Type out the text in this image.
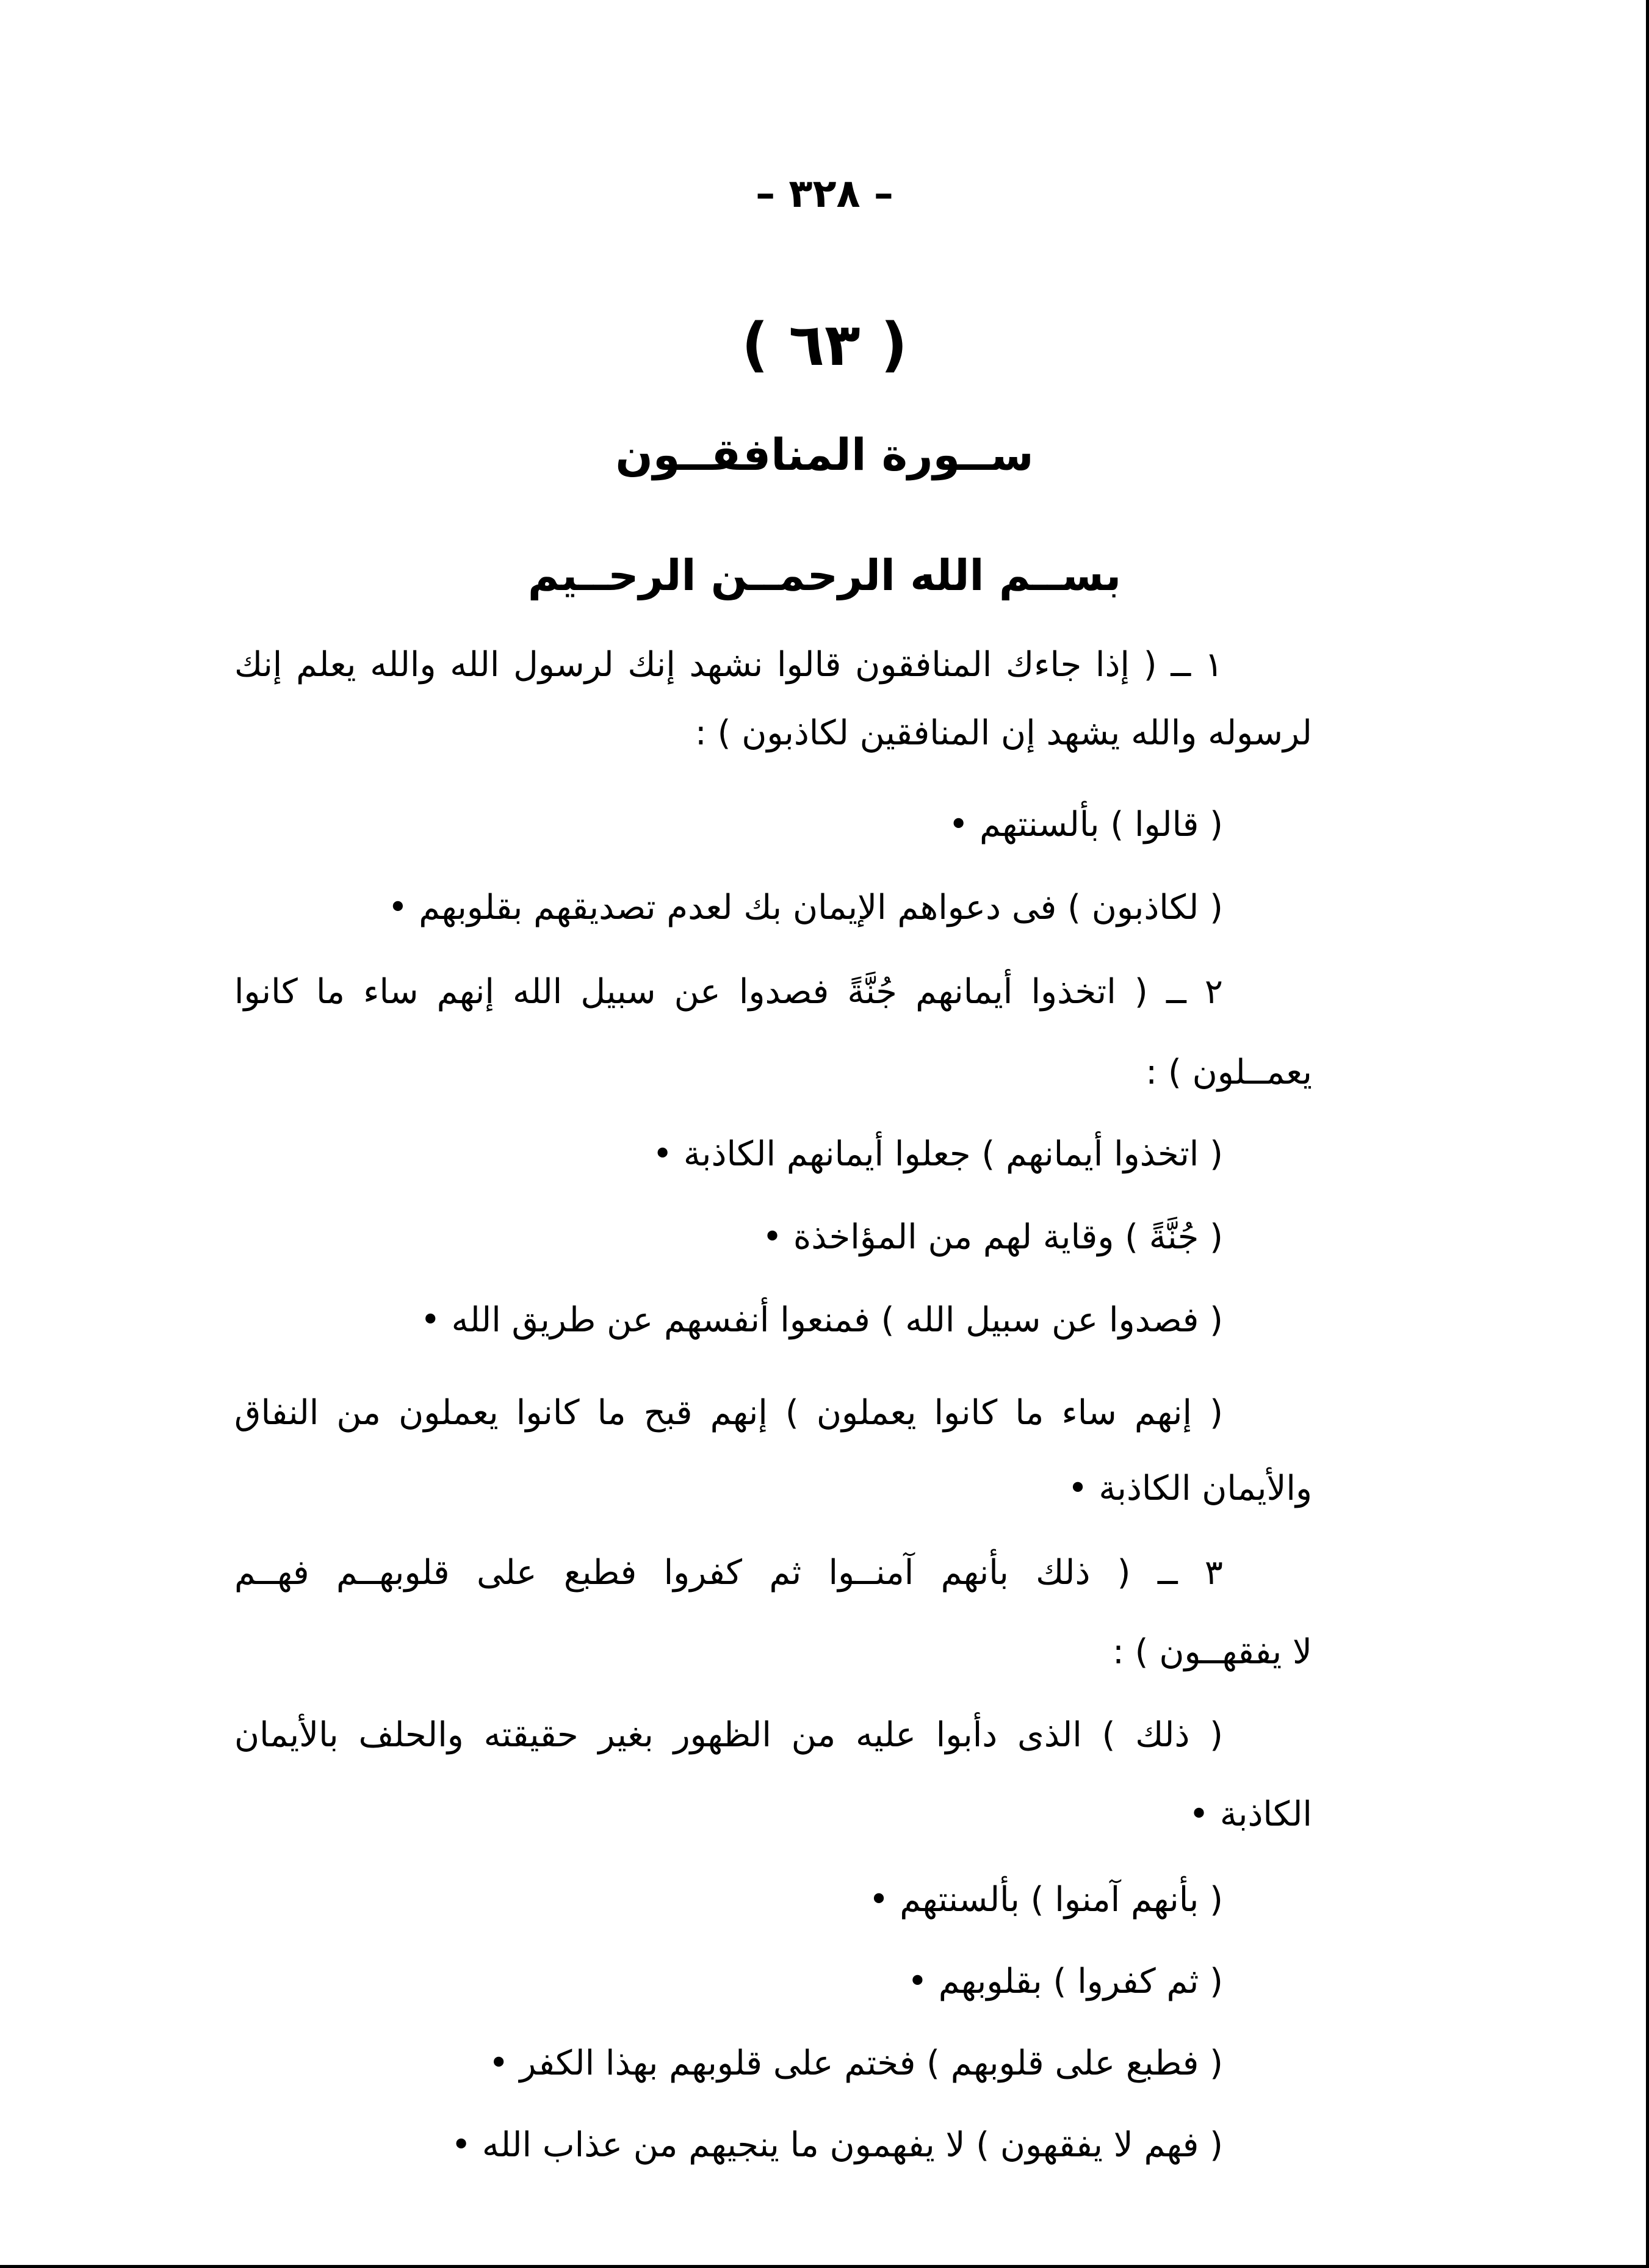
– ٣٢٨ –
( ٦٣ )
ســورة المنافقــون
بســم الله الرحمــن الرحــيم
١ ــ ( إذا جاءك المنافقون قالوا نشهد إنك لرسول الله والله يعلم إنك
لرسوله والله يشهد إن المنافقين لكاذبون ) :
( قالوا ) بألسنتهم •
( لكاذبون ) فى دعواهم الإيمان بك لعدم تصديقهم بقلوبهم •
٢ ــ ( اتخذوا أيمانهم جُنَّةً فصدوا عن سبيل الله إنهم ساء ما كانوا
يعمــلون ) :
( اتخذوا أيمانهم ) جعلوا أيمانهم الكاذبة •
( جُنَّةً ) وقاية لهم من المؤاخذة •
( فصدوا عن سبيل الله ) فمنعوا أنفسهم عن طريق الله •
( إنهم ساء ما كانوا يعملون ) إنهم قبح ما كانوا يعملون من النفاق
والأيمان الكاذبة •
٣ ــ ( ذلك بأنهم آمنــوا ثم كفروا فطبع على قلوبهــم فهــم
لا يفقهــون ) :
( ذلك ) الذى دأبوا عليه من الظهور بغير حقيقته والحلف بالأيمان
الكاذبة •
( بأنهم آمنوا ) بألسنتهم •
( ثم كفروا ) بقلوبهم •
( فطبع على قلوبهم ) فختم على قلوبهم بهذا الكفر •
( فهم لا يفقهون ) لا يفهمون ما ينجيهم من عذاب الله •
